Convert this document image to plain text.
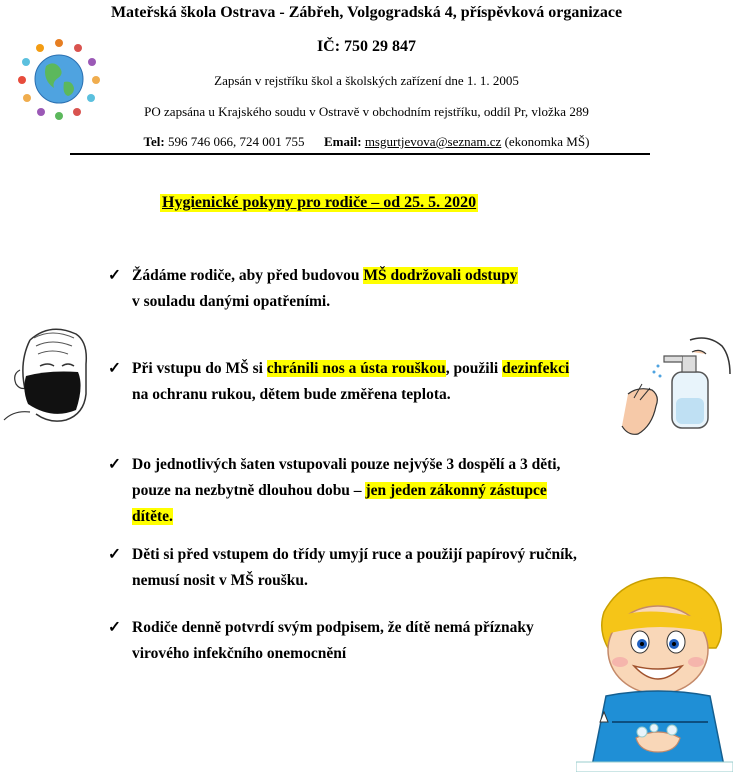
Mateřská škola Ostrava - Zábřeh, Volgogradská 4, příspěvková organizace
IČ: 750 29 847
Zapsán v rejstříku škol a školských zařízení dne 1. 1. 2005
PO zapsána u Krajského soudu v Ostravě v obchodním rejstříku, oddíl Pr, vložka 289
Tel: 596 746 066, 724 001 755 Email: msgurtjevova@seznam.cz (ekonomka MŠ)
Hygienické pokyny pro rodiče – od 25. 5. 2020
✓ Žádáme rodiče, aby před budovou MŠ dodržovali odstupy
v souladu danými opatřeními.
✓ Při vstupu do MŠ si chránili nos a ústa rouškou, použili dezinfekci
na ochranu rukou, dětem bude změřena teplota.
✓ Do jednotlivých šaten vstupovali pouze nejvýše 3 dospělí a 3 děti,
pouze na nezbytně dlouhou dobu – jen jeden zákonný zástupce
dítěte.
✓ Děti si před vstupem do třídy umyjí ruce a použijí papírový ručník,
nemusí nosit v MŠ roušku.
✓ Rodiče denně potvrdí svým podpisem, že dítě nemá příznaky
virového infekčního onemocnění
